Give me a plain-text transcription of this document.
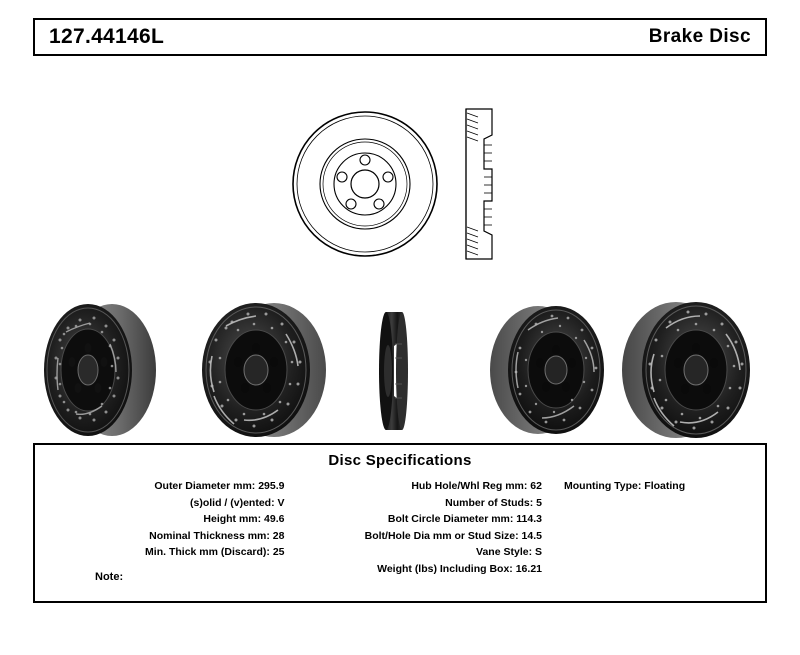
127.44146L	Brake Disc
Disc Specifications
Outer Diameter mm: 295.9
(s)olid / (v)ented: V
Height mm: 49.6
Nominal Thickness mm: 28
Min. Thick mm (Discard): 25
Hub Hole/Whl Reg mm: 62
Number of Studs: 5
Bolt Circle Diameter mm: 114.3
Bolt/Hole Dia mm or Stud Size: 14.5
Vane Style: S
Weight (lbs) Including Box: 16.21
Mounting Type: Floating
Note:
